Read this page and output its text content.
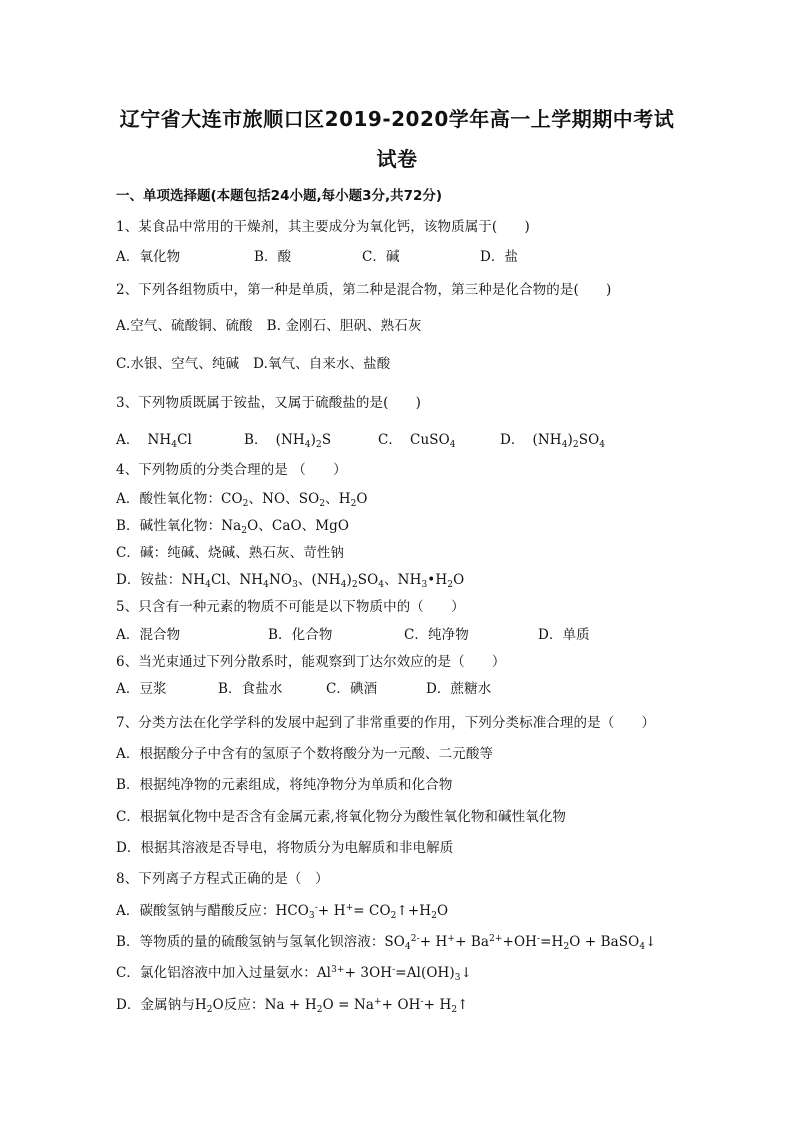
辽宁省大连市旅顺口区2019-2020学年高一上学期期中考试
试卷
一、单项选择题(本题包括24小题,每小题3分,共72分)
1、某食品中常用的干燥剂，其主要成分为氧化钙，该物质属于(　　)
A．氧化物	B．酸	C．碱	D．盐
2、下列各组物质中，第一种是单质，第二种是混合物，第三种是化合物的是(　　)
A.空气、硫酸铜、硫酸 B. 金刚石、胆矾、熟石灰
C.水银、空气、纯碱 D.氧气、自来水、盐酸
3、下列物质既属于铵盐，又属于硫酸盐的是(　　)
A． $NH_4Cl$	B． $(NH_4)_2S$	C． CuSO$_4$	D． $(NH_4)_2SO_4$
4、下列物质的分类合理的是 （　　）
A．酸性氧化物：$CO_2$、NO、$SO_2$、$H_2O$
B．碱性氧化物：$Na_2O$、CaO、MgO
C．碱：纯碱、烧碱、熟石灰、苛性钠
D．铵盐：$NH_4Cl$、$NH_4NO_3$、$(NH_4)_2SO_4$、$NH_3•H_2O$
5、只含有一种元素的物质不可能是以下物质中的（　　）
A．混合物	B．化合物	C．纯净物	D．单质
6、当光束通过下列分散系时，能观察到丁达尔效应的是（　　）
A．豆浆	B．食盐水	C．碘酒	D．蔗糖水
7、分类方法在化学学科的发展中起到了非常重要的作用，下列分类标准合理的是（　　）
A．根据酸分子中含有的氢原子个数将酸分为一元酸、二元酸等
B．根据纯净物的元素组成，将纯净物分为单质和化合物
C．根据氧化物中是否含有金属元素,将氧化物分为酸性氧化物和碱性氧化物
D．根据其溶液是否导电，将物质分为电解质和非电解质
8、下列离子方程式正确的是（　）
A．碳酸氢钠与醋酸反应：$HCO_3^-+ H^+=$ $CO_2↑+H_2O$
B．等物质的量的硫酸氢钠与氢氧化钡溶液：$SO_4^{2-}+ H^++ Ba^{2+}+OH^-=H_2O$ + BaSO$_4$↓
C．氯化铝溶液中加入过量氨水：$Al^{3+}+$ $3OH^-=Al(OH)_3↓$
D．金属钠与$H_2O$反应：$Na + H_2O = Na^++ OH^-+$ $H_2↑$
